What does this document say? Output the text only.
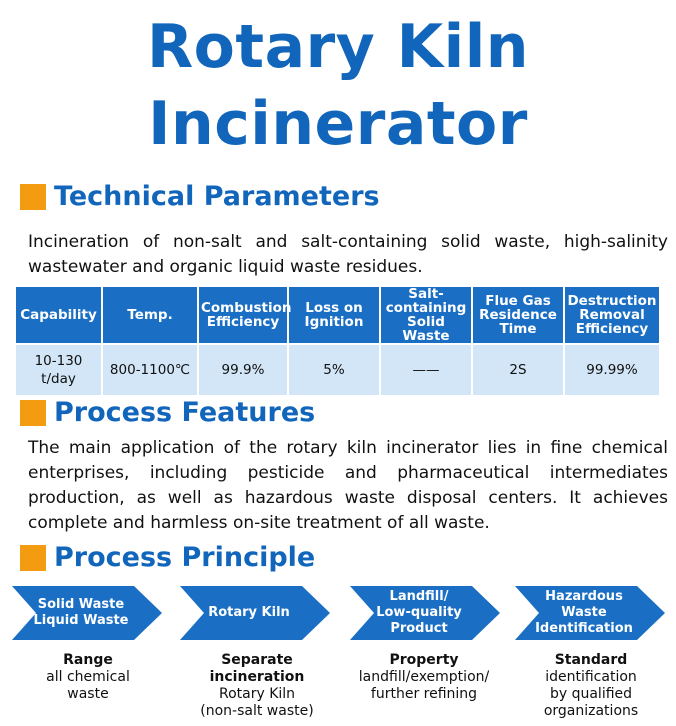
Rotary Kiln
Incinerator
Technical Parameters
Incineration of non-salt and salt-containing solid waste, high-salinity wastewater and organic liquid waste residues.
Capability	Temp.	Combustion Efficiency	Loss on Ignition	Salt-containing Solid Waste	Flue Gas Residence Time	Destruction Removal Efficiency
10-130 t/day	800-1100℃	99.9%	5%	——	2S	99.99%
Process Features
The main application of the rotary kiln incinerator lies in fine chemical enterprises, including pesticide and pharmaceutical intermediates production, as well as hazardous waste disposal centers. It achieves complete and harmless on-site treatment of all waste.
Process Principle
Solid Waste
Liquid Waste
Rotary Kiln
Landfill/
Low-quality
Product
Hazardous
Waste
Identification
Range
all chemical
waste
Separate incineration
Rotary Kiln
(non-salt waste)
Property
landfill/exemption/
further refining
Standard
identification
by qualified
organizations
